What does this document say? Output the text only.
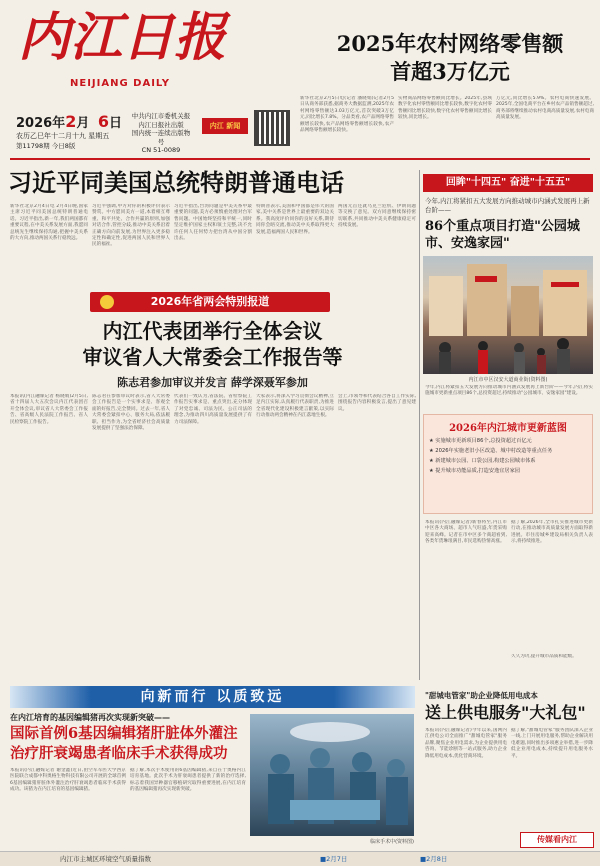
内江日报
NEIJIANG DAILY
2026年2月 6日
农历乙巳年十二月十九 星期五
第11798期 今日8版
中共内江市委机关报
内江日报社出版
国内统一连续出版物号
CN 51-0089
内江 新闻
2025年农村网络零售额
首超3万亿元
新华社北京2月5日电(记者 潘晓娟)记者2月5日从商务部获悉,据商务大数据监测,2025年农村网络零售额达3.03万亿元,首次突破3万亿元,同比增长7.8%。分品类看,农产品网络零售额增长较快,农产品网络零售额增长较快,农产品网络零售额增长较快。
实物商品网络零售额同比增长。2025年,县域数字化农村零售额同比增长较快,数字化农村零售额同比增长较快,数字化农村零售额同比增长较快,同比增长。
万亿元,同比增长5.9%。农村电商快速发展。2025年,全国电商平台在乡村农产品销售额超过,商务部将继续推动农村电商高质量发展,农村电商高质量发展。
习近平同美国总统特朗普通电话
新华社北京2月4日电 2月4日晚,国家主席习近平同美国总统特朗普通电话。习近平指出,新一年,我们两国都有重要议程,在中美关系发展方面,我愿同总统先生继续保持沟通,把握中美关系的大方向,推动两国关系行稳致远。
习近平强调,中方对你的积极评价表示赞赏。中方愿同美方一道,本着相互尊重、和平共处、合作共赢的原则,加强对话合作,管控分歧,推动中美关系沿着正确方向向前发展,为世界注入更多稳定性和确定性,促进两国人民和世界人民的福祉。
习近平指出,台湾问题是中美关系中最重要的问题,美方必须慎重处理对台军售问题。中国始终坚持和平统一,同时坚定维护国家主权和领土完整,决不允许任何人任何势力把台湾从中国分割出去。
特朗普表示,美国和中国都是伟大的国家,美中关系是世界上最重要的双边关系。我高度评价同你的良好关系,期待同你会晤交流,推动美中关系取得更大发展,造福两国人民和世界。
两国元首还就乌克兰危机、伊朗问题等交换了意见。双方同意继续保持密切联系,共同推动中美关系健康稳定可持续发展。
回眸"十四五" 奋进"十五五"
今年,内江将紧扣五大发展方向推动城市内涵式发展再上新台阶——
86个重点项目打造"公园城市、安逸家园"
内江市中区汉安大道商业街(资料图)
今年,内江将紧扣五大发展方向推动城市内涵式发展再上新台阶——今年,内江将实施城市更新重点项目86个,总投资超过,持续推动"公园城市、安逸家园"建设。
2026年内江城市更新蓝图
★ 实施城市更新项目86个,总投资超过百亿元
★ 2026年实施老旧小区改造、城中村改造等重点任务
★ 新建城市公园、口袋公园,构建公园城市体系
★ 提升城市功能品质,打造安逸宜居家园
2026年省两会特别报道
内江代表团举行全体会议
审议省人大常委会工作报告等
陈志君参加审议并发言 薛学深聂军参加
本报讯(内江融媒记者 杨晓娟)2月5日,省十四届人大五次会议内江代表团召开全体会议,审议省人大常委会工作报告、省高级人民法院工作报告、省人民检察院工作报告。
陈志君在参加审议时表示,省人大常委会工作报告是一个实事求是、客观全面的好报告,完全赞同。过去一年,省人大常委会紧扣中心、服务大局,依法履职、担当作为,为全省经济社会高质量发展提供了坚强法治保障。
代表们一致认为,省法院、省检察院工作报告实事求是、重点突出,充分体现了对党忠诚、司法为民、公正司法的理念,为推动四川高质量发展提供了有力司法保障。
大家表示,将深入学习贯彻会议精神,立足内江实际,认真履行代表职责,为推进全省现代化建设积极建言献策,以实际行动推动两会精神在内江落地生根。
会上,市领导和代表结合各自工作实际,围绕报告内容积极发言,提出了意见建议。
本报讯(内江融媒记者)新春将至,内江市中区各大商场、超市人气旺盛,年货采购迎来高峰。记者在市中区多个商超看到,各类年货琳琅满目,市民选购热情高涨。
据了解,2026年,全市扎实推进城市更新行动,在推动城市高质量发展方面取得新进展。市住房城乡建设局相关负责人表示,将持续推进。
久久为功,提升城市品质和能级。
向新而行 以质致远
在内江培育的基因编辑猪再次实现新突破——
国际首例6基因编辑猪肝脏体外灌注
治疗肝衰竭患者临床手术获得成功
本报讯(内江融媒记者 谢金鑫)近日,由空军军医大学西京医院联合成都中科奥格生物科技有限公司开展的全球首例6基因编辑猪肝脏体外灌注治疗肝衰竭患者临床手术获得成功。该猪为在内江培育的基因编辑猪。
据了解,本次手术使用的6基因编辑猪,来自在于奥格内江培育基地。此次手术为肝衰竭患者提供了新的治疗选择,标志着我国异种器官移植研究取得重要进展,在内江培育的基因编辑猪再次实现新突破。
临床手术中(资料图)
"甜城电管家"助企业降低用电成本
送上供电服务"大礼包"
本报讯(内江融媒记者)今年以来,国网内江供电公司全面推广"甜城电管家"服务品牌,聚焦企业用电需求,为企业提供用电咨询、节能诊断等一站式服务,助力企业降低用电成本,优化营商环境。
据了解,"甜城电管家"服务团队深入企业一线,上门开展用电服务,帮助企业解决用电难题,同时推出多项惠企举措,进一步降低企业用电成本,持续提升用电服务水平。
传媒看内江
内江市主城区环境空气质量指数	■2月7日	■2月8日
